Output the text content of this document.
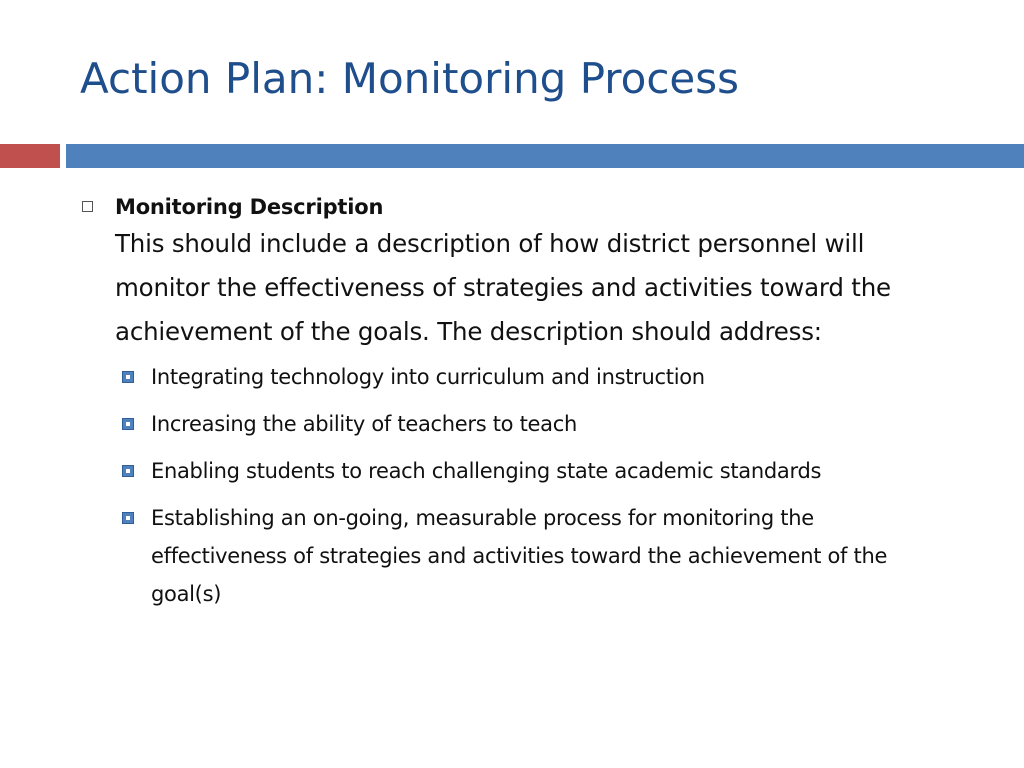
Action Plan: Monitoring Process
Monitoring Description
This should include a description of how district personnel will monitor the effectiveness of strategies and activities toward the achievement of the goals. The description should address:
Integrating technology into curriculum and instruction
Increasing the ability of teachers to teach
Enabling students to reach challenging state academic standards
Establishing an on-going, measurable process for monitoring the effectiveness of strategies and activities toward the achievement of the goal(s)
